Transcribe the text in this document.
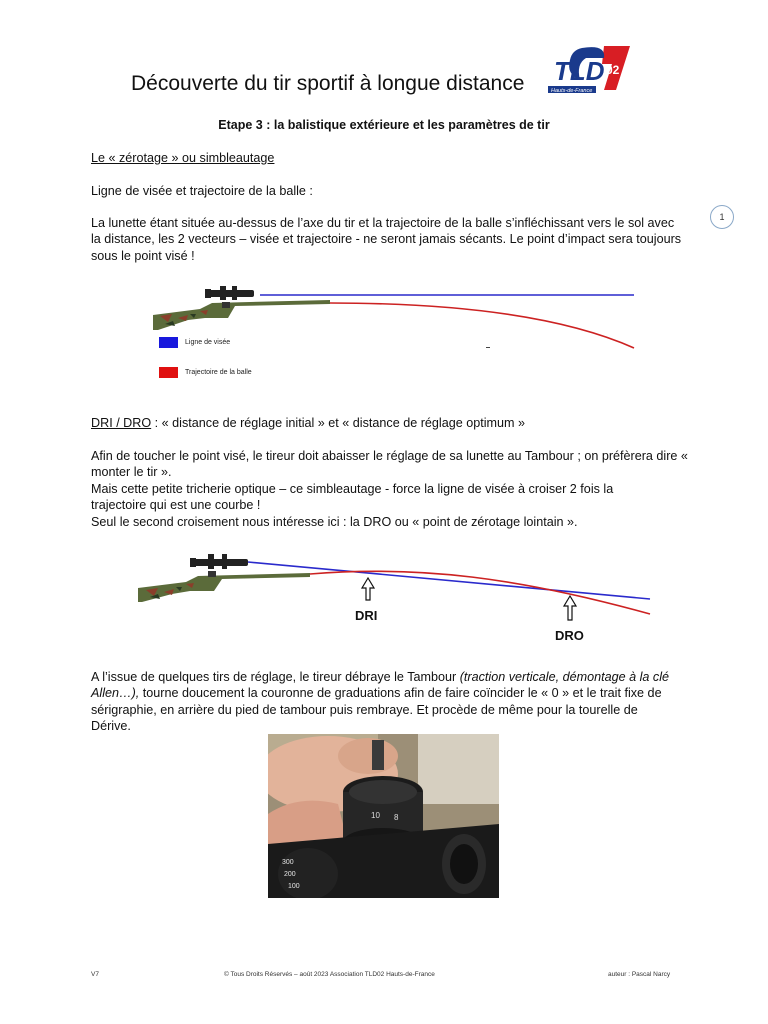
Découverte du tir sportif à longue distance TLD
Hauts-de-France
02
Etape 3 : la balistique extérieure et les paramètres de tir
Le « zérotage » ou simbleautage
Ligne de visée et trajectoire de la balle :
La lunette étant située au-dessus de l’axe du tir et la trajectoire de la balle s’infléchissant vers le sol avec la distance, les 2 vecteurs – visée et trajectoire - ne seront jamais sécants. Le point d’impact sera toujours sous le point visé !
1
Ligne de visée
Trajectoire de la balle
DRI / DRO : « distance de réglage initial » et « distance de réglage optimum »
Afin de toucher le point visé, le tireur doit abaisser le réglage de sa lunette au Tambour ; on préfèrera dire « monter le tir ».
Mais cette petite tricherie optique – ce simbleautage - force la ligne de visée à croiser 2 fois la trajectoire qui est une courbe !
Seul le second croisement nous intéresse ici : la DRO ou « point de zérotage lointain ».
DRI
DRO
A l’issue de quelques tirs de réglage, le tireur débraye le Tambour (traction verticale, démontage à la clé Allen…), tourne doucement la couronne de graduations afin de faire coïncider le « 0 » et le trait fixe de sérigraphie, en arrière du pied de tambour puis rembraye. Et procède de même pour la tourelle de Dérive.
10 8
300
200
100
V7	© Tous Droits Réservés – août 2023 Association TLD02 Hauts-de-France	auteur : Pascal Narcy
